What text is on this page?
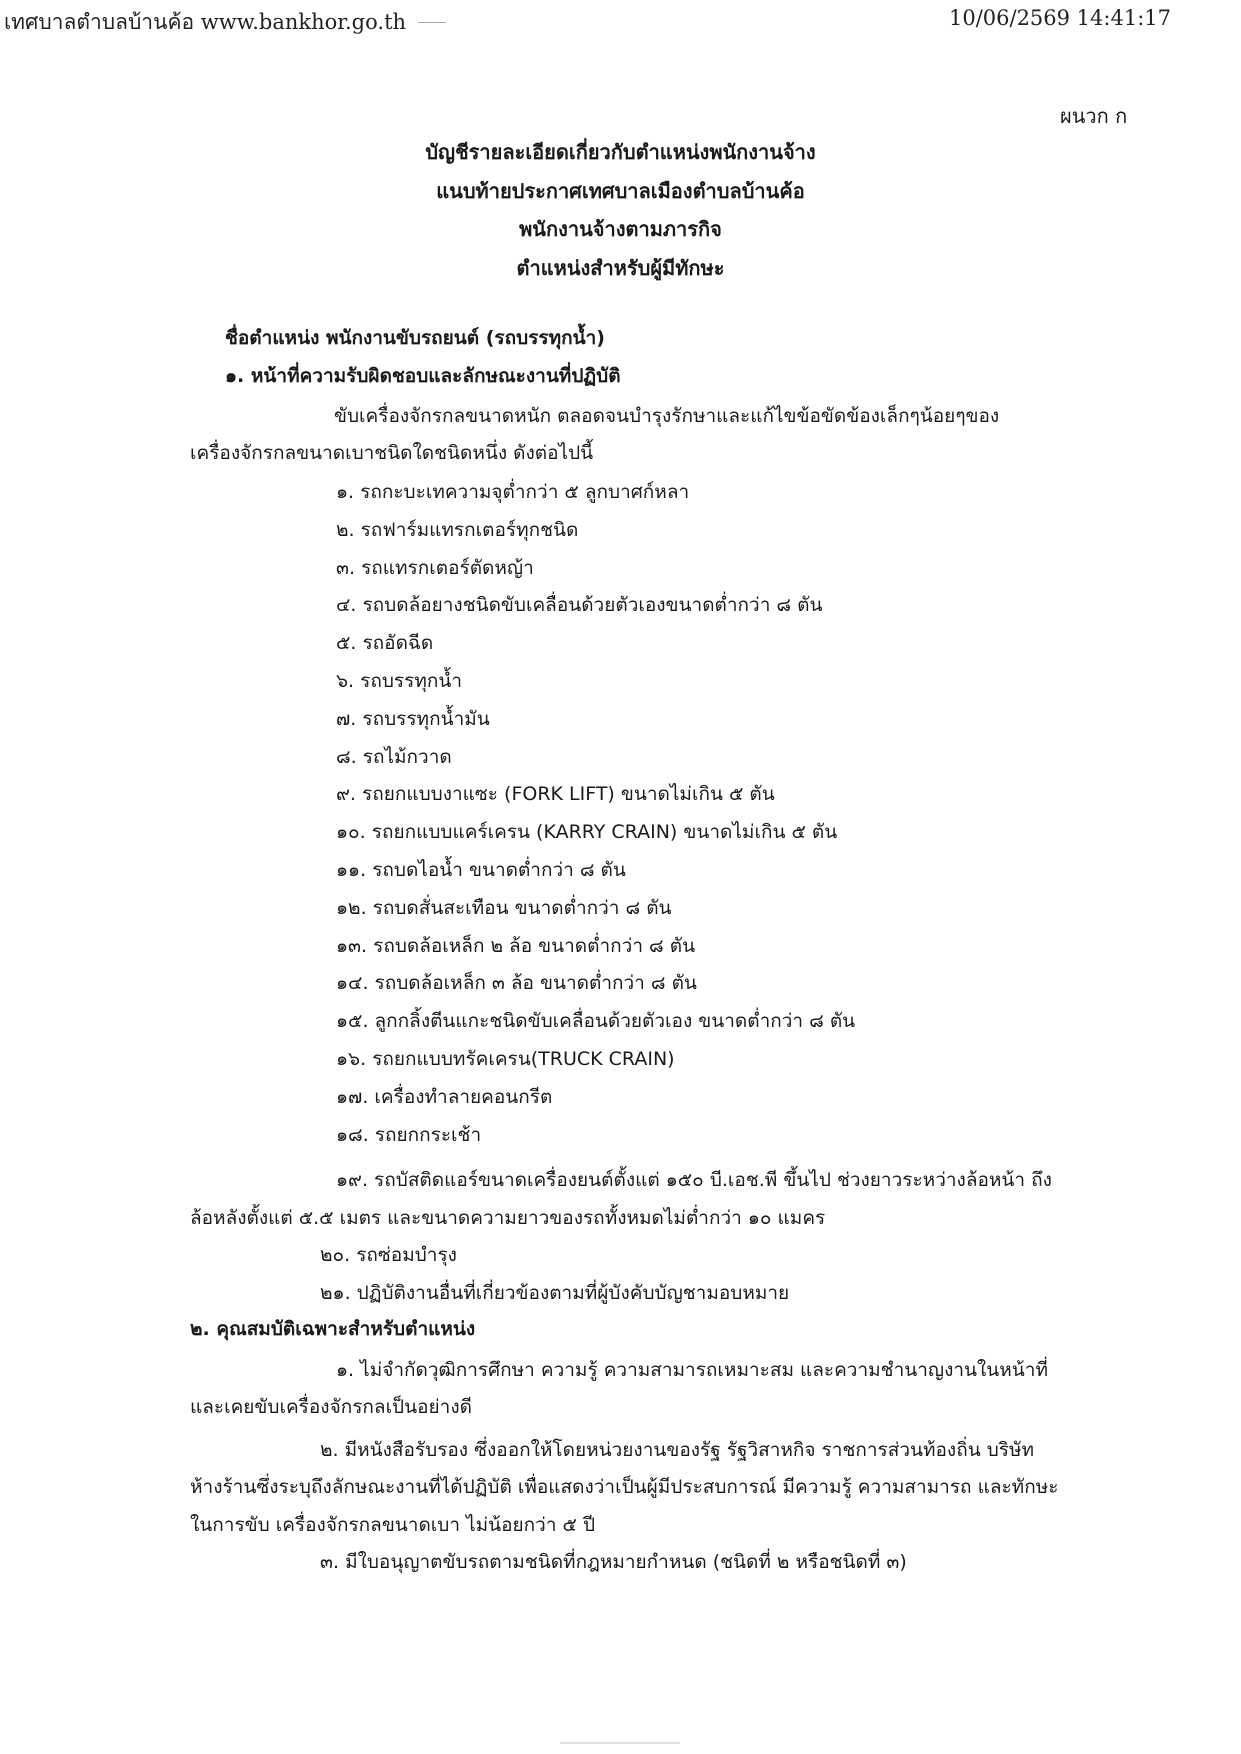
เทศบาลตำบลบ้านค้อ www.bankhor.go.th	10/06/2569 14:41:17
ผนวก ก
บัญชีรายละเอียดเกี่ยวกับตำแหน่งพนักงานจ้าง
แนบท้ายประกาศเทศบาลเมืองตำบลบ้านค้อ
พนักงานจ้างตามภารกิจ
ตำแหน่งสำหรับผู้มีทักษะ
ชื่อตำแหน่ง พนักงานขับรถยนต์ (รถบรรทุกน้ำ)
๑. หน้าที่ความรับผิดชอบและลักษณะงานที่ปฏิบัติ
ขับเครื่องจักรกลขนาดหนัก ตลอดจนบำรุงรักษาและแก้ไขข้อขัดข้องเล็กๆน้อยๆของ
เครื่องจักรกลขนาดเบาชนิดใดชนิดหนึ่ง ดังต่อไปนี้
๑. รถกะบะเทความจุต่ำกว่า ๕ ลูกบาศก์หลา
๒. รถฟาร์มแทรกเตอร์ทุกชนิด
๓. รถแทรกเตอร์ตัดหญ้า
๔. รถบดล้อยางชนิดขับเคลื่อนด้วยตัวเองขนาดต่ำกว่า ๘ ตัน
๕. รถอัดฉีด
๖. รถบรรทุกน้ำ
๗. รถบรรทุกน้ำมัน
๘. รถไม้กวาด
๙. รถยกแบบงาแซะ (FORK LIFT) ขนาดไม่เกิน ๕ ตัน
๑๐. รถยกแบบแคร์เครน (KARRY CRAIN) ขนาดไม่เกิน ๕ ตัน
๑๑. รถบดไอน้ำ ขนาดต่ำกว่า ๘ ตัน
๑๒. รถบดสั่นสะเทือน ขนาดต่ำกว่า ๘ ตัน
๑๓. รถบดล้อเหล็ก ๒ ล้อ ขนาดต่ำกว่า ๘ ตัน
๑๔. รถบดล้อเหล็ก ๓ ล้อ ขนาดต่ำกว่า ๘ ตัน
๑๕. ลูกกลิ้งตีนแกะชนิดขับเคลื่อนด้วยตัวเอง ขนาดต่ำกว่า ๘ ตัน
๑๖. รถยกแบบทรัคเครน(TRUCK CRAIN)
๑๗. เครื่องทำลายคอนกรีต
๑๘. รถยกกระเช้า
๑๙. รถบัสติดแอร์ขนาดเครื่องยนต์ตั้งแต่ ๑๕๐ บี.เอช.พี ขึ้นไป ช่วงยาวระหว่างล้อหน้า ถึง
ล้อหลังตั้งแต่ ๕.๕ เมตร และขนาดความยาวของรถทั้งหมดไม่ต่ำกว่า ๑๐ แมคร
๒๐. รถซ่อมบำรุง
๒๑. ปฏิบัติงานอื่นที่เกี่ยวข้องตามที่ผู้บังคับบัญชามอบหมาย
๒. คุณสมบัติเฉพาะสำหรับตำแหน่ง
๑. ไม่จำกัดวุฒิการศึกษา ความรู้ ความสามารถเหมาะสม และความชำนาญงานในหน้าที่
และเคยขับเครื่องจักรกลเป็นอย่างดี
๒. มีหนังสือรับรอง ซึ่งออกให้โดยหน่วยงานของรัฐ รัฐวิสาหกิจ ราชการส่วนท้องถิ่น บริษัท
ห้างร้านซึ่งระบุถึงลักษณะงานที่ได้ปฏิบัติ เพื่อแสดงว่าเป็นผู้มีประสบการณ์ มีความรู้ ความสามารถ และทักษะ
ในการขับ เครื่องจักรกลขนาดเบา ไม่น้อยกว่า ๕ ปี
๓. มีใบอนุญาตขับรถตามชนิดที่กฎหมายกำหนด (ชนิดที่ ๒ หรือชนิดที่ ๓)
